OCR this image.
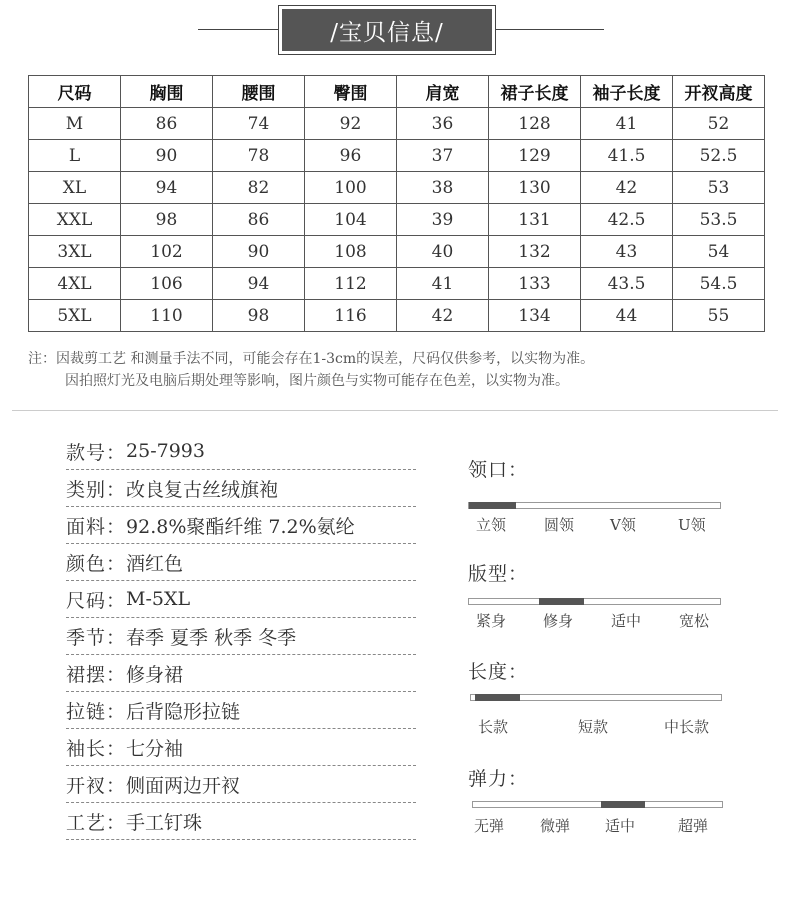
/宝贝信息/
尺码	胸围	腰围	臀围	肩宽	裙子长度	袖子长度	开衩高度
M	86	74	92	36	128	41	52
L	90	78	96	37	129	41.5	52.5
XL	94	82	100	38	130	42	53
XXL	98	86	104	39	131	42.5	53.5
3XL	102	90	108	40	132	43	54
4XL	106	94	112	41	133	43.5	54.5
5XL	110	98	116	42	134	44	55
注：因裁剪工艺 和测量手法不同，可能会存在1-3cm的误差，尺码仅供参考，以实物为准。
因拍照灯光及电脑后期处理等影响，图片颜色与实物可能存在色差，以实物为准。
款号： 25-7993
类别： 改良复古丝绒旗袍
面料： 92.8%聚酯纤维 7.2%氨纶
颜色： 酒红色
尺码： M-5XL
季节： 春季 夏季 秋季 冬季
裙摆： 修身裙
拉链： 后背隐形拉链
袖长： 七分袖
开衩： 侧面两边开衩
工艺： 手工钉珠
领口：
立领	圆领 V领	U领
版型：
紧身 修身	适中	宽松
长度：
长款	短款	中长款
弹力：
无弹 微弹 适中	超弹
